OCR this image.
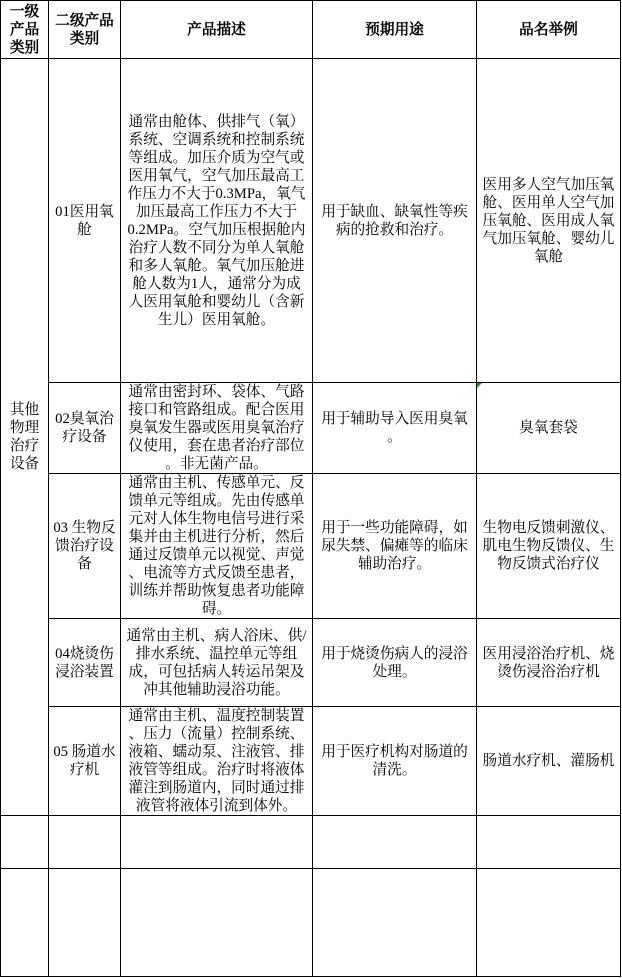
一级产品类别
二级产品类别
产品描述	预期用途	品名举例
其他物理治疗设备
01医用氧舱
通常由舱体、供排气（氧）
系统、空调系统和控制系统
等组成。加压介质为空气或
医用氧气，空气加压最高工
作压力不大于0.3MPa，氧气
加压最高工作压力不大于
0.2MPa。空气加压根据舱内
治疗人数不同分为单人氧舱
和多人氧舱。氧气加压舱进
舱人数为1人，通常分为成
人医用氧舱和婴幼儿（含新
生儿）医用氧舱。
用于缺血、缺氧性等疾
病的抢救和治疗。
医用多人空气加压氧
舱、医用单人空气加
压氧舱、医用成人氧
气加压氧舱、婴幼儿
氧舱
02臭氧治疗设备
通常由密封环、袋体、气路
接口和管路组成。配合医用
臭氧发生器或医用臭氧治疗
仪使用，套在患者治疗部位
。非无菌产品。
用于辅助导入医用臭氧
。
臭氧套袋
03 生物反馈治疗设备
通常由主机、传感单元、反
馈单元等组成。先由传感单
元对人体生物电信号进行采
集并由主机进行分析，然后
通过反馈单元以视觉、声觉
、电流等方式反馈至患者，
训练并帮助恢复患者功能障
碍。
用于一些功能障碍，如
尿失禁、偏瘫等的临床
辅助治疗。
生物电反馈刺激仪、
肌电生物反馈仪、生
物反馈式治疗仪
04烧烫伤浸浴装置
通常由主机、病人浴床、供/
排水系统、温控单元等组
成，可包括病人转运吊架及
冲其他辅助浸浴功能。
用于烧烫伤病人的浸浴
处理。
医用浸浴治疗机、烧
烫伤浸浴治疗机
05 肠道水疗机
通常由主机、温度控制装置
、压力（流量）控制系统、
液箱、蠕动泵、注液管、排
液管等组成。治疗时将液体
灌注到肠道内，同时通过排
液管将液体引流到体外。
用于医疗机构对肠道的
清洗。
肠道水疗机、灌肠机
